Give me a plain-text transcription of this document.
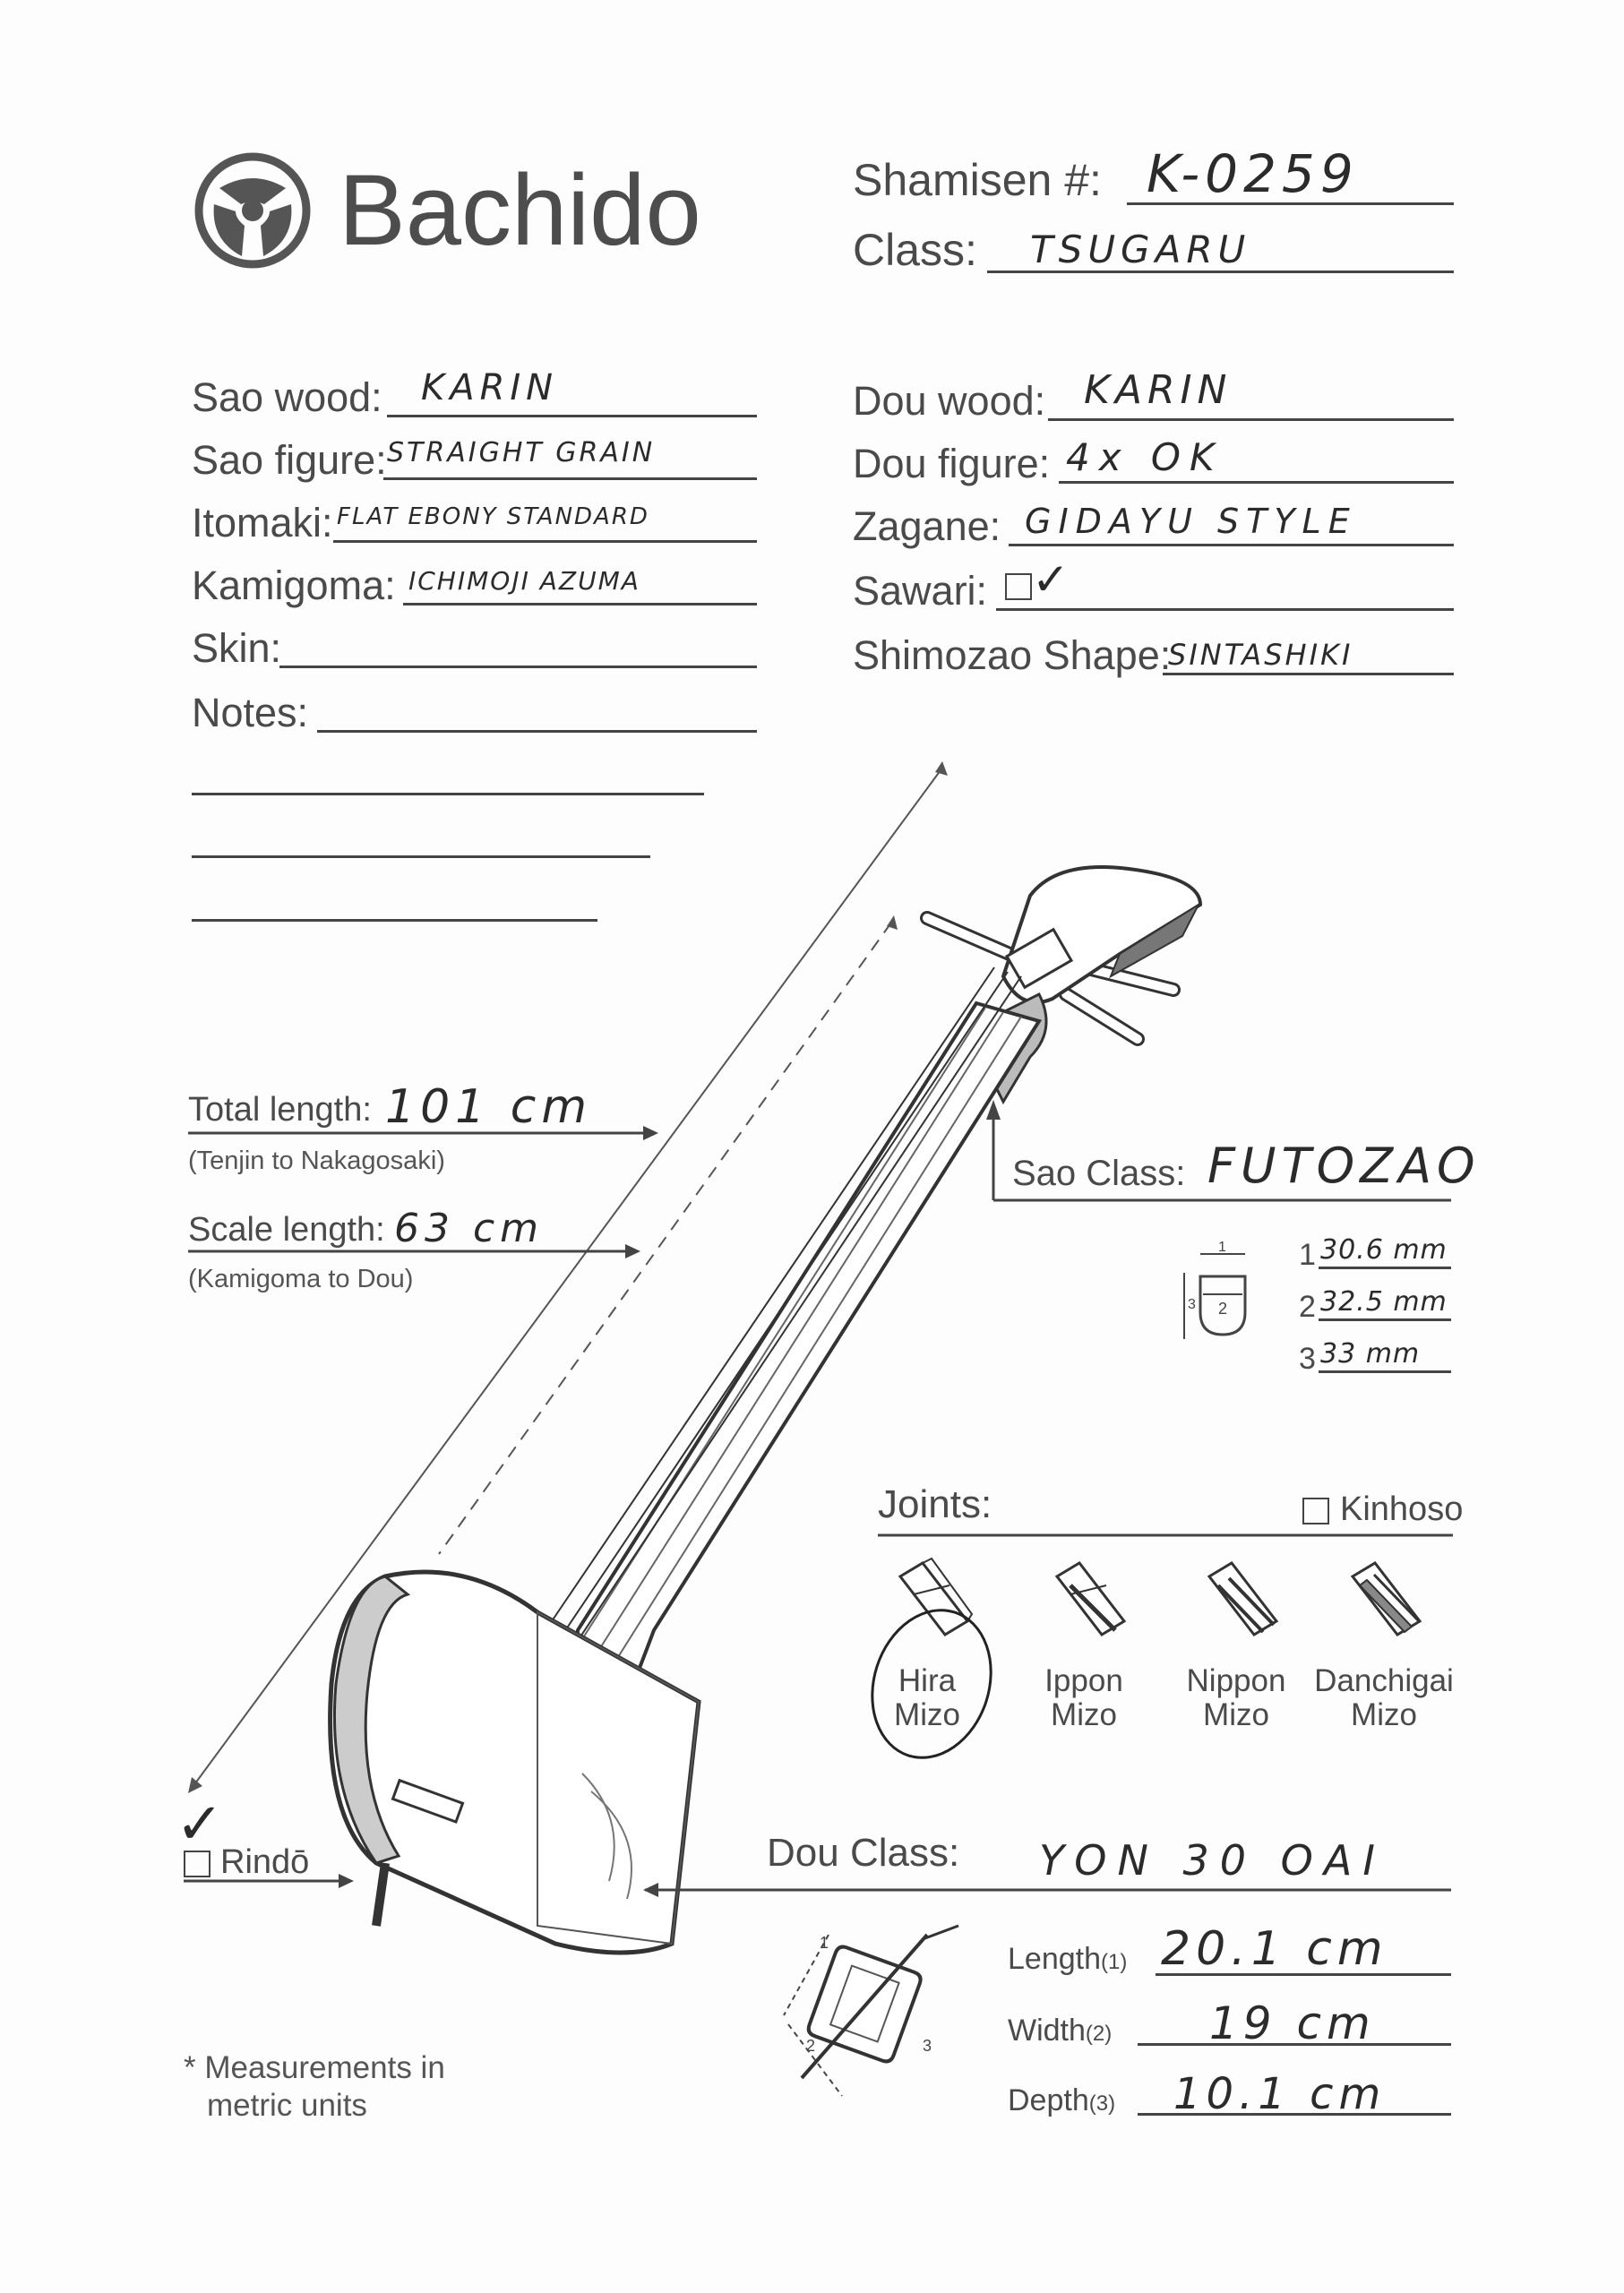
Bachido	Shamisen #: K-0259
Class: TSUGARU
Sao wood: KARIN
Sao figure: STRAIGHT GRAIN
Itomaki: FLAT EBONY STANDARD
Kamigoma: ICHIMOJI AZUMA
Skin:
Notes:
Dou wood: KARIN
Dou figure: 4x OK
Zagane: GIDAYU STYLE
Sawari: ✓
Shimozao Shape:
SINTASHIKI
Total length: 101 cm
(Tenjin to Nakagosaki)
Scale length: 63 cm
(Kamigoma to Dou)
Sao Class: FUTOZAO
1
2
3
1 30.6 mm
2 32.5 mm
3 33 mm
Joints:	Kinhoso
Hira
Mizo
Ippon
Mizo
Nippon
Mizo
Danchigai
Mizo
✓
Rindō	Dou Class: YON 30 OAI
1
2	3
Length(1) 20.1 cm
Width(2) 19 cm
Depth(3) 10.1 cm
* Measurements in
metric units
